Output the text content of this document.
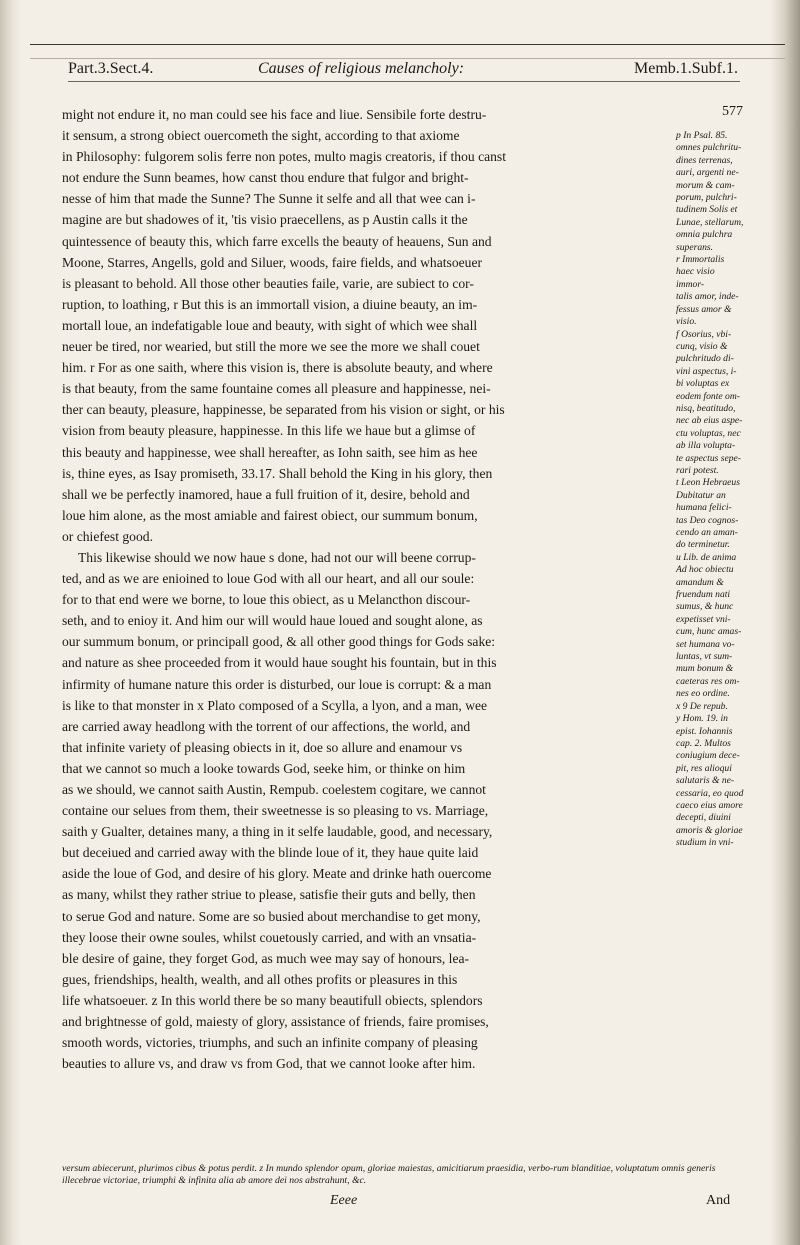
Part.3.Sect.4.	Causes of religious melancholy:	Memb.1.Subf.1.
577

might not endure it, no man could see his face and liue. Sensibile forte destru-

it sensum, a strong obiect ouercometh the sight, according to that axiome

in Philosophy: fulgorem solis ferre non potes, multo magis creatoris, if thou canst

not endure the Sunn beames, how canst thou endure that fulgor and bright-

nesse of him that made the Sunne? The Sunne it selfe and all that wee can i-

magine are but shadowes of it, 'tis visio praecellens, as p Austin calls it the

quintessence of beauty this, which farre excells the beauty of heauens, Sun and

Moone, Starres, Angells, gold and Siluer, woods, faire fields, and whatsoeuer

is pleasant to behold. All those other beauties faile, varie, are subiect to cor-

ruption, to loathing, r But this is an immortall vision, a diuine beauty, an im-

mortall loue, an indefatigable loue and beauty, with sight of which wee shall

neuer be tired, nor wearied, but still the more we see the more we shall couet

him. r For as one saith, where this vision is, there is absolute beauty, and where

is that beauty, from the same fountaine comes all pleasure and happinesse, nei-

ther can beauty, pleasure, happinesse, be separated from his vision or sight, or his

vision from beauty pleasure, happinesse. In this life we haue but a glimse of

this beauty and happinesse, wee shall hereafter, as Iohn saith, see him as hee

is, thine eyes, as Isay promiseth, 33.17. Shall behold the King in his glory, then

shall we be perfectly inamored, haue a full fruition of it, desire, behold and

loue him alone, as the most amiable and fairest obiect, our summum bonum,

or chiefest good.

This likewise should we now haue s done, had not our will beene corrup-

ted, and as we are enioined to loue God with all our heart, and all our soule:

for to that end were we borne, to loue this obiect, as u Melancthon discour-

seth, and to enioy it. And him our will would haue loued and sought alone, as

our summum bonum, or principall good, & all other good things for Gods sake:

and nature as shee proceeded from it would haue sought his fountain, but in this

infirmity of humane nature this order is disturbed, our loue is corrupt: & a man

is like to that monster in x Plato composed of a Scylla, a lyon, and a man, wee

are carried away headlong with the torrent of our affections, the world, and

that infinite variety of pleasing obiects in it, doe so allure and enamour vs

that we cannot so much a looke towards God, seeke him, or thinke on him

as we should, we cannot saith Austin, Rempub. coelestem cogitare, we cannot

containe our selues from them, their sweetnesse is so pleasing to vs. Marriage,

saith y Gualter, detaines many, a thing in it selfe laudable, good, and necessary,

but deceiued and carried away with the blinde loue of it, they haue quite laid

aside the loue of God, and desire of his glory. Meate and drinke hath ouercome

as many, whilst they rather striue to please, satisfie their guts and belly, then

to serue God and nature. Some are so busied about merchandise to get mony,

they loose their owne soules, whilst couetously carried, and with an vnsatia-

ble desire of gaine, they forget God, as much wee may say of honours, lea-

gues, friendships, health, wealth, and all othes profits or pleasures in this

life whatsoeuer. z In this world there be so many beautifull obiects, splendors

and brightnesse of gold, maiesty of glory, assistance of friends, faire promises,

smooth words, victories, triumphs, and such an infinite company of pleasing

beauties to allure vs, and draw vs from God, that we cannot looke after him.

p In Psal. 85.
omnes pulchritu-
dines terrenas,
auri, argenti ne-
morum & cam-
porum, pulchri-
tudinem Solis et
Lunae, stellarum,
omnia pulchra
superans.
r Immortalis
haec visio immor-
talis amor, inde-
fessus amor &
visio.
f Osorius, vbi-
cunq, visio &
pulchritudo di-
vini aspectus, i-
bi voluptas ex
eodem fonte om-
nisq, beatitudo,
nec ab eius aspe-
ctu voluptas, nec
ab illa volupta-
te aspectus sepe-
rari potest.
t Leon Hebraeus
Dubitatur an
humana felici-
tas Deo cognos-
cendo an aman-
do terminetur.
u Lib. de anima
Ad hoc obiectu
amandum &
fruendum nati
sumus, & hunc
expetisset vni-
cum, hunc amas-
set humana vo-
luntas, vt sum-
mum bonum &
caeteras res om-
nes eo ordine.
x 9 De repub.
y Hom. 19. in
epist. Iohannis
cap. 2. Multos
coniugium dece-
pit, res alioqui
salutaris & ne-
cessaria, eo quod
caeco eius amore
decepti, diuini
amoris & gloriae
studium in vni-
versum abiecerunt, plurimos cibus & potus perdit. z In mundo splendor opum, gloriae maiestas, amicitiarum praesidia, verbo-rum blanditiae, voluptatum omnis generis illecebrae victoriae, triumphi & infinita alia ab amore dei nos abstrahunt, &c.
Eeee	And
